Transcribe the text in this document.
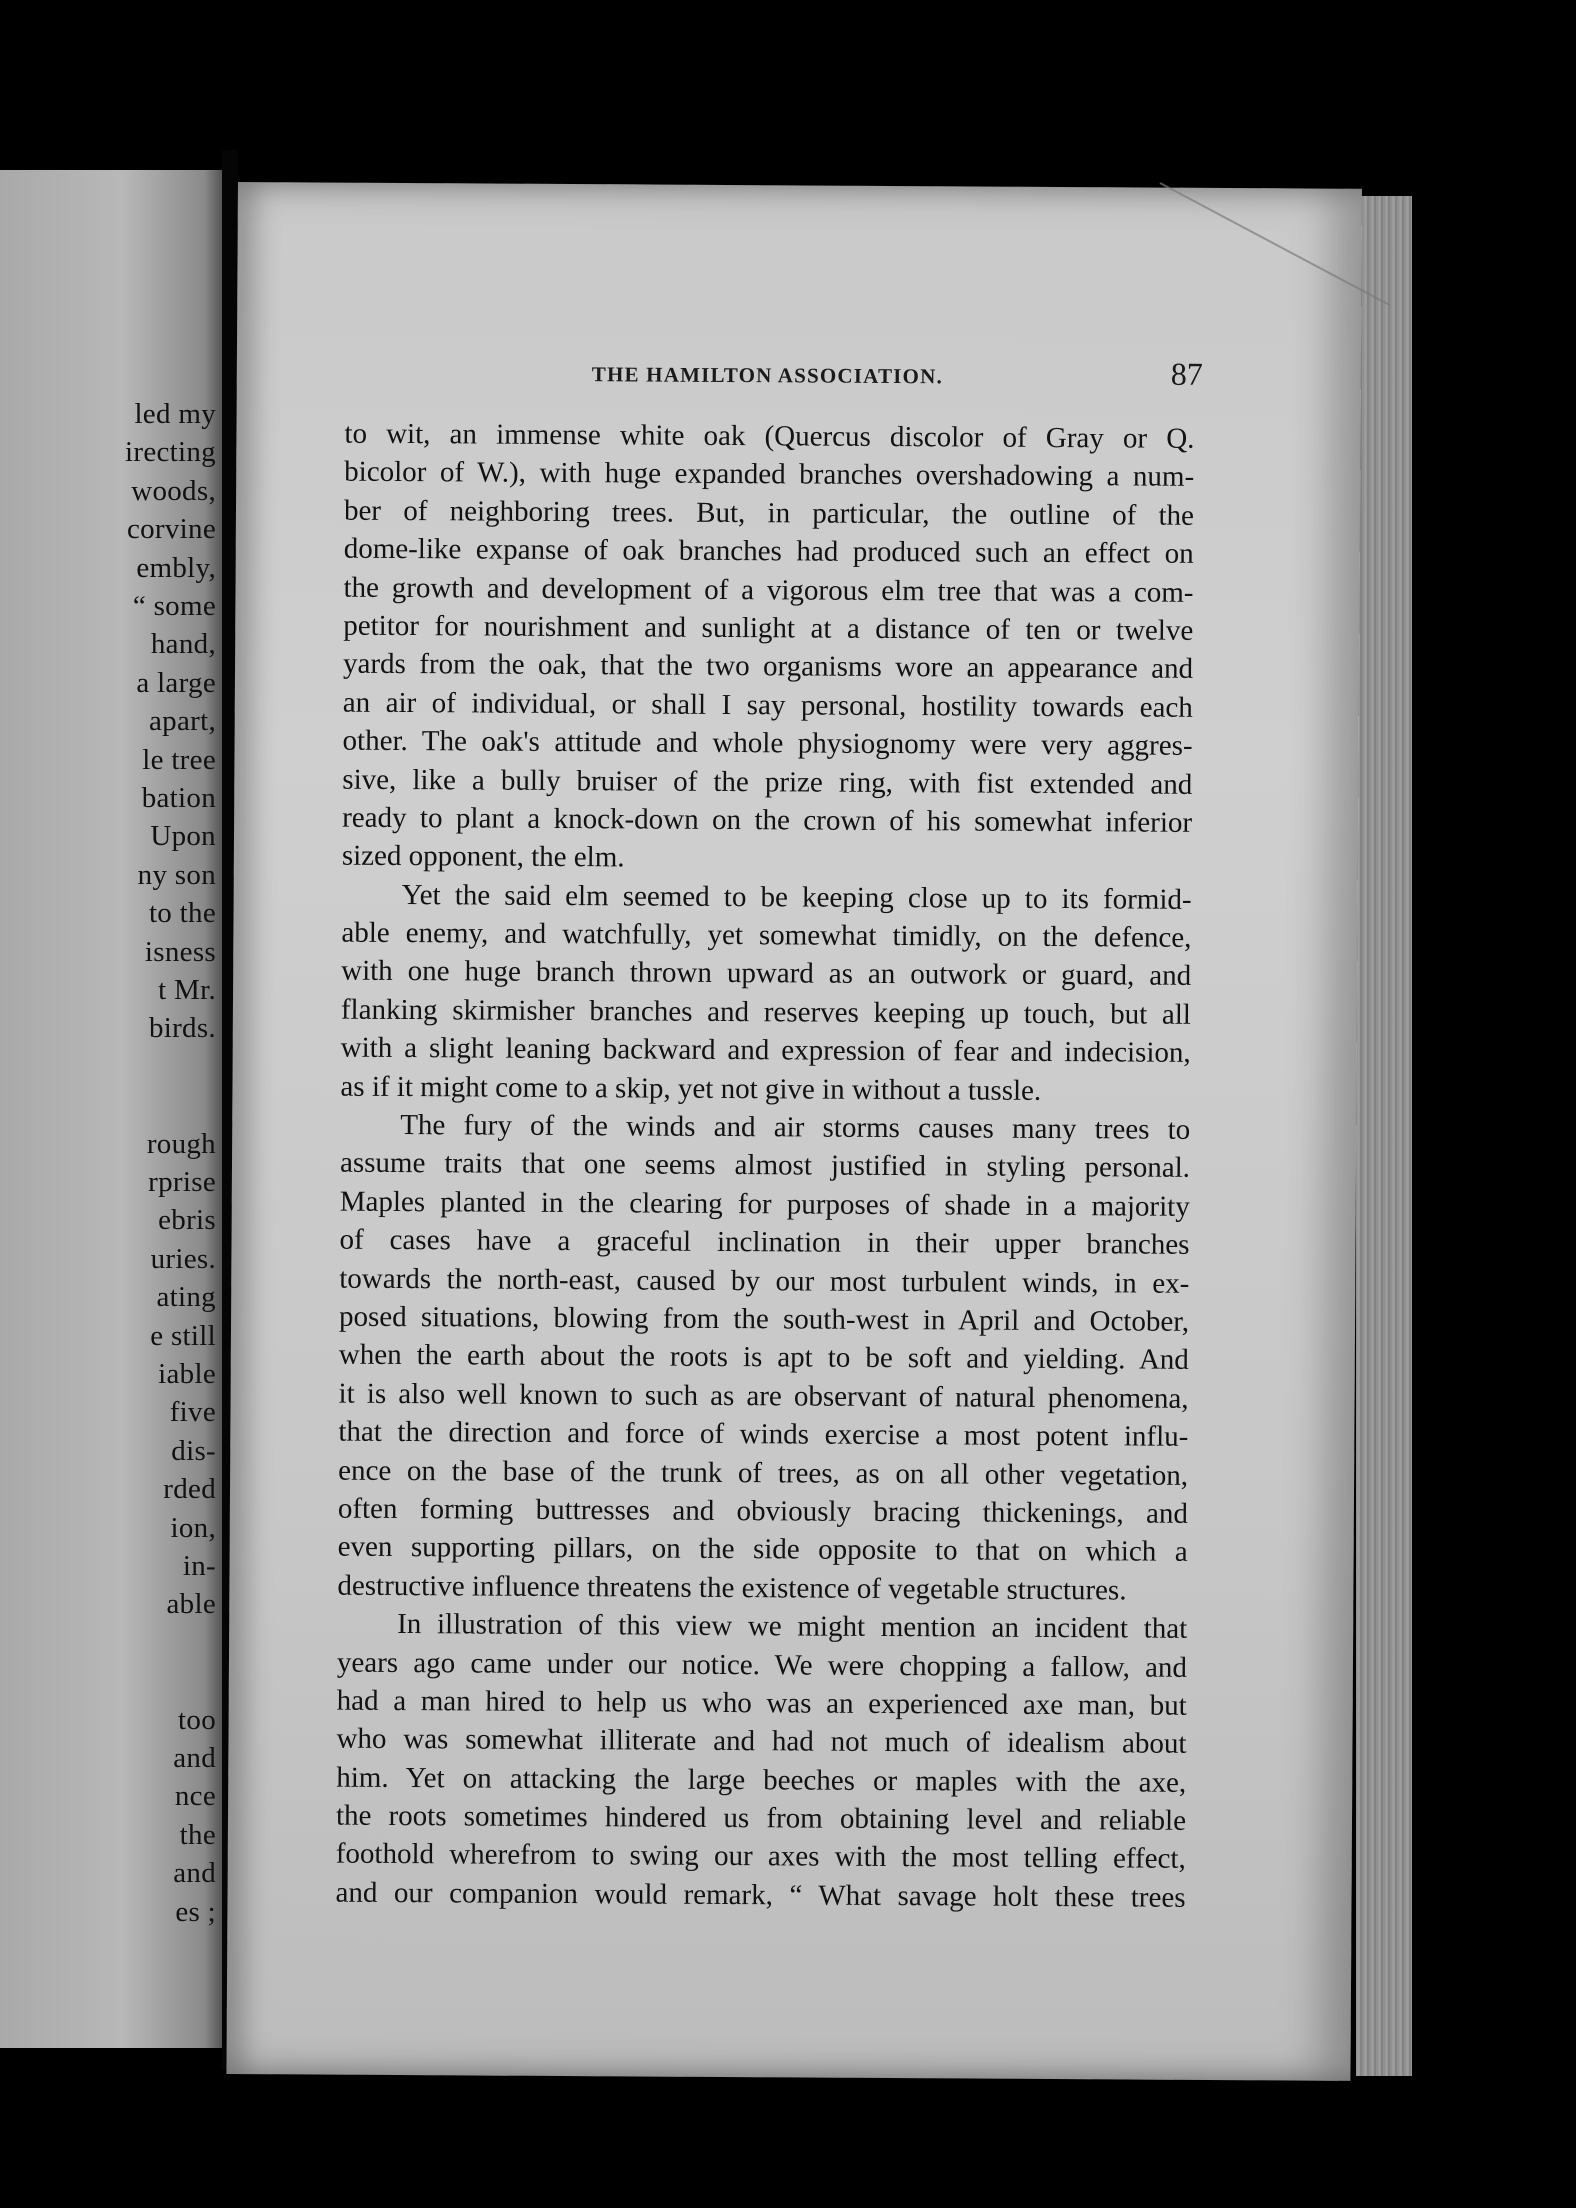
led my
irecting
woods,
corvine
embly,
“ some
hand,
a large
apart,
le tree
bation
Upon
ny son
to the
isness
t Mr.
birds.
rough
rprise
ebris
uries.
ating
e still
iable
five
dis-
rded
ion,
in-
able
too
and
nce
the
and
es ;
THE HAMILTON ASSOCIATION.	87
to wit, an immense white oak (Quercus discolor of Gray or Q.
bicolor of W.), with huge expanded branches overshadowing a num-
ber of neighboring trees. But, in particular, the outline of the
dome-like expanse of oak branches had produced such an effect on
the growth and development of a vigorous elm tree that was a com-
petitor for nourishment and sunlight at a distance of ten or twelve
yards from the oak, that the two organisms wore an appearance and
an air of individual, or shall I say personal, hostility towards each
other. The oak's attitude and whole physiognomy were very aggres-
sive, like a bully bruiser of the prize ring, with fist extended and
ready to plant a knock-down on the crown of his somewhat inferior
sized opponent, the elm.
Yet the said elm seemed to be keeping close up to its formid-
able enemy, and watchfully, yet somewhat timidly, on the defence,
with one huge branch thrown upward as an outwork or guard, and
flanking skirmisher branches and reserves keeping up touch, but all
with a slight leaning backward and expression of fear and indecision,
as if it might come to a skip, yet not give in without a tussle.
The fury of the winds and air storms causes many trees to
assume traits that one seems almost justified in styling personal.
Maples planted in the clearing for purposes of shade in a majority
of cases have a graceful inclination in their upper branches
towards the north-east, caused by our most turbulent winds, in ex-
posed situations, blowing from the south-west in April and October,
when the earth about the roots is apt to be soft and yielding. And
it is also well known to such as are observant of natural phenomena,
that the direction and force of winds exercise a most potent influ-
ence on the base of the trunk of trees, as on all other vegetation,
often forming buttresses and obviously bracing thickenings, and
even supporting pillars, on the side opposite to that on which a
destructive influence threatens the existence of vegetable structures.
In illustration of this view we might mention an incident that
years ago came under our notice. We were chopping a fallow, and
had a man hired to help us who was an experienced axe man, but
who was somewhat illiterate and had not much of idealism about
him. Yet on attacking the large beeches or maples with the axe,
the roots sometimes hindered us from obtaining level and reliable
foothold wherefrom to swing our axes with the most telling effect,
and our companion would remark, “ What savage holt these trees
